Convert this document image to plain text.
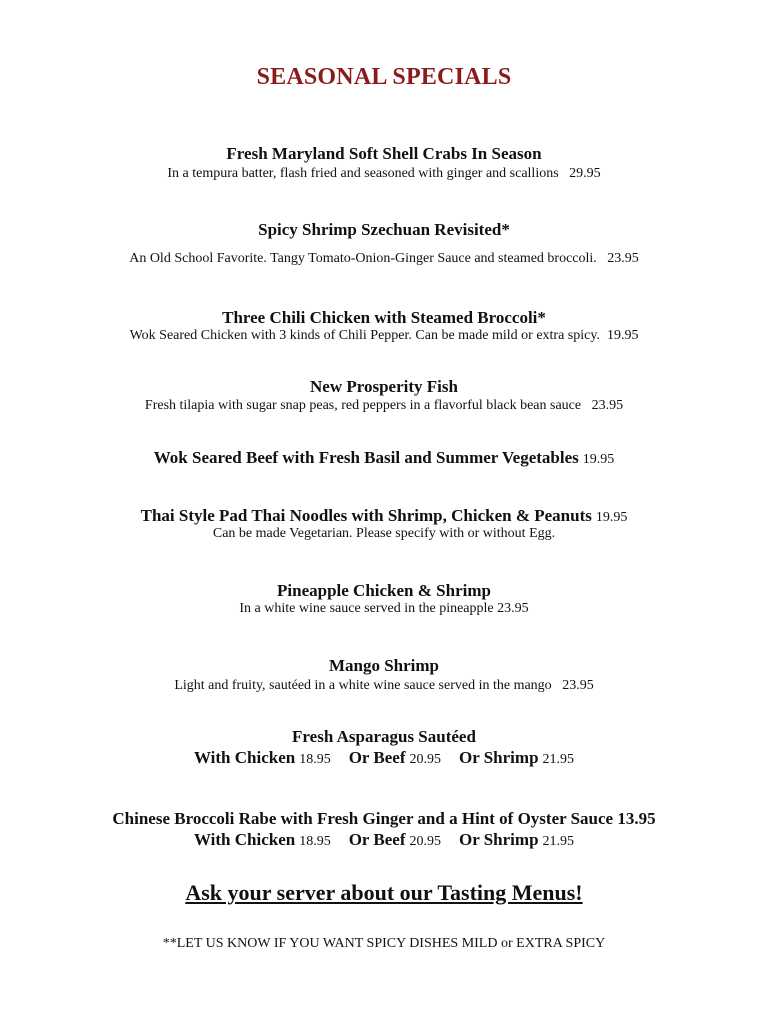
SEASONAL SPECIALS
Fresh Maryland Soft Shell Crabs In Season
In a tempura batter, flash fried and seasoned with ginger and scallions 29.95
Spicy Shrimp Szechuan Revisited*
An Old School Favorite. Tangy Tomato-Onion-Ginger Sauce and steamed broccoli. 23.95
Three Chili Chicken with Steamed Broccoli*
Wok Seared Chicken with 3 kinds of Chili Pepper. Can be made mild or extra spicy. 19.95
New Prosperity Fish
Fresh tilapia with sugar snap peas, red peppers in a flavorful black bean sauce 23.95
Wok Seared Beef with Fresh Basil and Summer Vegetables 19.95
Thai Style Pad Thai Noodles with Shrimp, Chicken & Peanuts 19.95
Can be made Vegetarian. Please specify with or without Egg.
Pineapple Chicken & Shrimp
In a white wine sauce served in the pineapple 23.95
Mango Shrimp
Light and fruity, sautéed in a white wine sauce served in the mango 23.95
Fresh Asparagus Sautéed
With Chicken 18.95 Or Beef 20.95 Or Shrimp 21.95
Chinese Broccoli Rabe with Fresh Ginger and a Hint of Oyster Sauce 13.95
With Chicken 18.95 Or Beef 20.95 Or Shrimp 21.95
Ask your server about our Tasting Menus!
**LET US KNOW IF YOU WANT SPICY DISHES MILD or EXTRA SPICY
